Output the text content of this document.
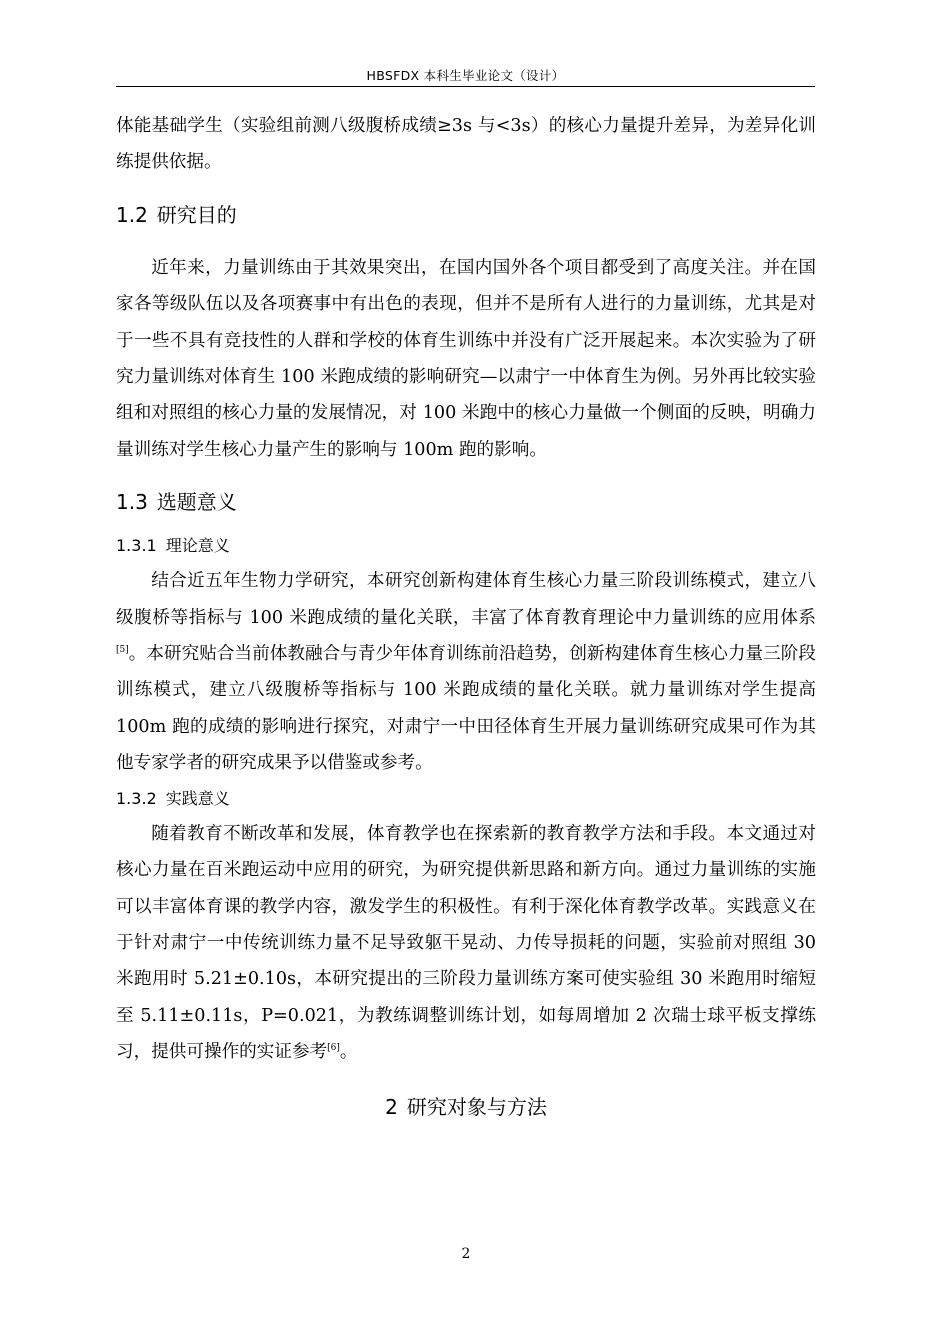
HBSFDX 本科生毕业论文（设计）

体能基础学生（实验组前测八级腹桥成绩≥3s 与<3s）的核心力量提升差异，为差异化训练提供依据。

1.2 研究目的

近年来，力量训练由于其效果突出，在国内国外各个项目都受到了高度关注。并在国家各等级队伍以及各项赛事中有出色的表现，但并不是所有人进行的力量训练，尤其是对于一些不具有竞技性的人群和学校的体育生训练中并没有广泛开展起来。本次实验为了研究力量训练对体育生 100 米跑成绩的影响研究—以肃宁一中体育生为例。另外再比较实验组和对照组的核心力量的发展情况，对 100 米跑中的核心力量做一个侧面的反映，明确力量训练对学生核心力量产生的影响与 100m 跑的影响。

1.3 选题意义
1.3.1 理论意义

结合近五年生物力学研究，本研究创新构建体育生核心力量三阶段训练模式，建立八级腹桥等指标与 100 米跑成绩的量化关联，丰富了体育教育理论中力量训练的应用体系[5]。本研究贴合当前体教融合与青少年体育训练前沿趋势，创新构建体育生核心力量三阶段训练模式，建立八级腹桥等指标与 100 米跑成绩的量化关联。就力量训练对学生提高 100m 跑的成绩的影响进行探究，对肃宁一中田径体育生开展力量训练研究成果可作为其他专家学者的研究成果予以借鉴或参考。

1.3.2 实践意义

随着教育不断改革和发展，体育教学也在探索新的教育教学方法和手段。本文通过对核心力量在百米跑运动中应用的研究，为研究提供新思路和新方向。通过力量训练的实施可以丰富体育课的教学内容，激发学生的积极性。有利于深化体育教学改革。实践意义在于针对肃宁一中传统训练力量不足导致躯干晃动、力传导损耗的问题，实验前对照组 30 米跑用时 5.21±0.10s，本研究提出的三阶段力量训练方案可使实验组 30 米跑用时缩短至 5.11±0.11s，P=0.021，为教练调整训练计划，如每周增加 2 次瑞士球平板支撑练习，提供可操作的实证参考[6]。

2 研究对象与方法
2
